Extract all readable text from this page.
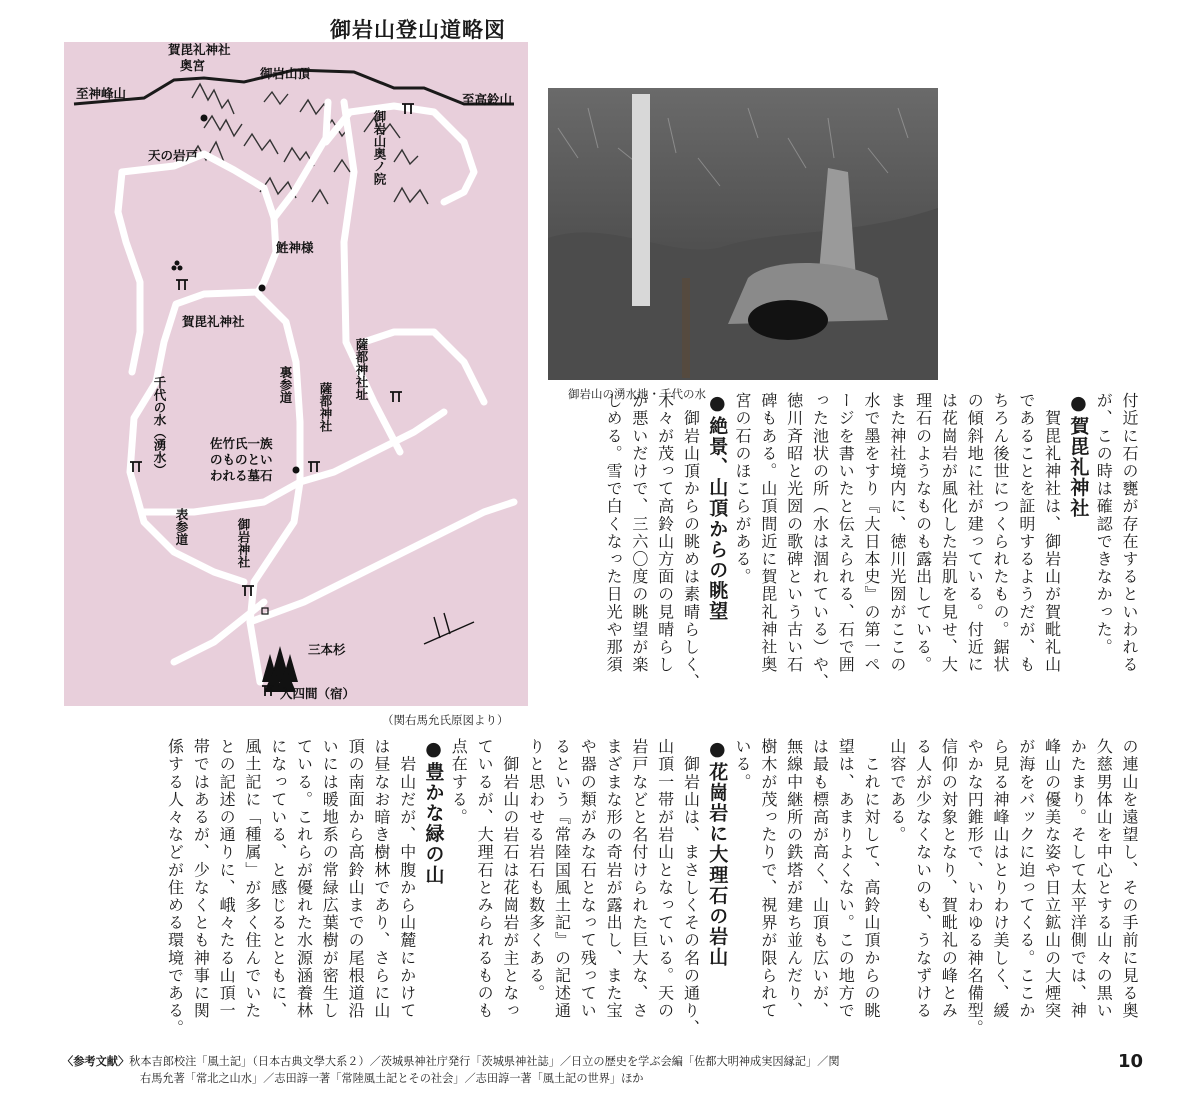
御岩山登山道略図
賀毘礼神社
奥宮
御岩山頂
至神峰山	至高鈴山
天の岩戸	御岩山奥ノ院
鮏神様
賀毘礼神社
薩都神社址
裏参道 薩都神社
千代の水（湧水）	佐竹氏一族
のものとい
われる墓石
表参道	御岩神社
三本杉
入四間（宿）
（関右馬允氏原図より）
御岩山の湧水地・千代の水	付近に石の甕が存在するといわれる
が、この時は確認できなかった。
●賀毘礼神社
　賀毘礼神社は、御岩山が賀毗礼山
であることを証明するようだが、も
ちろん後世につくられたもの。鋸状
の傾斜地に社が建っている。付近に
は花崗岩が風化した岩肌を見せ、大
理石のようなものも露出している。
また神社境内に、徳川光圀がここの
水で墨をすり『大日本史』の第一ペ
ージを書いたと伝えられる、石で囲
った池状の所（水は涸れている）や、
徳川斉昭と光圀の歌碑という古い石
碑もある。山頂間近に賀毘礼神社奥
宮の石のほこらがある。
●絶景、山頂からの眺望
　御岩山頂からの眺めは素晴らしく、
木々が茂って高鈴山方面の見晴らし
が悪いだけで、三六〇度の眺望が楽
しめる。雪で白くなった日光や那須
の連山を遠望し、その手前に見る奥
久慈男体山を中心とする山々の黒い
かたまり。そして太平洋側では、神
峰山の優美な姿や日立鉱山の大煙突
が海をバックに迫ってくる。ここか
ら見る神峰山はとりわけ美しく、緩
やかな円錐形で、いわゆる神名備型。
信仰の対象となり、賀毗礼の峰とみ
る人が少なくないのも、うなずける
山容である。
　これに対して、高鈴山頂からの眺
望は、あまりよくない。この地方で
は最も標高が高く、山頂も広いが、
無線中継所の鉄塔が建ち並んだり、
樹木が茂ったりで、視界が限られて
いる。
●花崗岩に大理石の岩山
　御岩山は、まさしくその名の通り、
山頂一帯が岩山となっている。天の
岩戸などと名付けられた巨大な、さ
まざまな形の奇岩が露出し、また宝
や器の類がみな石となって残ってい
るという『常陸国風土記』の記述通
りと思わせる岩石も数多くある。
　御岩山の岩石は花崗岩が主となっ
ているが、大理石とみられるものも
点在する。
●豊かな緑の山
　岩山だが、中腹から山麓にかけて
は昼なお暗き樹林であり、さらに山
頂の南面から高鈴山までの尾根道沿
いには暖地系の常緑広葉樹が密生し
ている。これらが優れた水源涵養林
になっている、と感じるとともに、
風土記に「種属」が多く住んでいた
との記述の通りに、峨々たる山頂一
帯ではあるが、少なくとも神事に関
係する人々などが住める環境である。
〈参考文献〉秋本吉郎校注「風土記」（日本古典文學大系２）／茨城県神社庁発行「茨城県神社誌」／日立の歴史を学ぶ会編「佐都大明神成実因縁記」／関
右馬允著「常北之山水」／志田諄一著「常陸風土記とその社会」／志田諄一著「風土記の世界」ほか
10
